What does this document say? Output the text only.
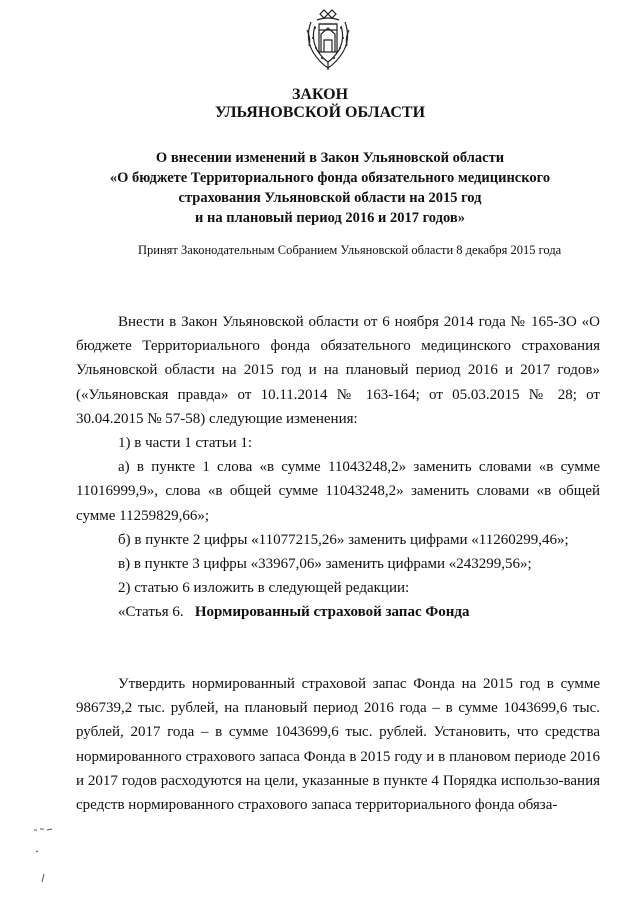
ЗАКОН
УЛЬЯНОВСКОЙ ОБЛАСТИ
О внесении изменений в Закон Ульяновской области
«О бюджете Территориального фонда обязательного медицинского
страхования Ульяновской области на 2015 год
и на плановый период 2016 и 2017 годов»
Принят Законодательным Собранием Ульяновской области 8 декабря 2015 года

Внести в Закон Ульяновской области от 6 ноября 2014 года № 165-ЗО «О бюджете Территориального фонда обязательного медицинского страхования Ульяновской области на 2015 год и на плановый период 2016 и 2017 годов» («Ульяновская правда» от 10.11.2014 № 163-164; от 05.03.2015 № 28; от 30.04.2015 № 57-58) следующие изменения:

1) в части 1 статьи 1:

а) в пункте 1 слова «в сумме 11043248,2» заменить словами «в сумме 11016999,9», слова «в общей сумме 11043248,2» заменить словами «в общей сумме 11259829,66»;

б) в пункте 2 цифры «11077215,26» заменить цифрами «11260299,46»;

в) в пункте 3 цифры «33967,06» заменить цифрами «243299,56»;

2) статью 6 изложить в следующей редакции:

«Статья 6. Нормированный страховой запас Фонда

Утвердить нормированный страховой запас Фонда на 2015 год в сумме 986739,2 тыс. рублей, на плановый период 2016 года – в сумме 1043699,6 тыс. рублей, 2017 года – в сумме 1043699,6 тыс. рублей. Установить, что средства нормированного страхового запаса Фонда в 2015 году и в плановом периоде 2016 и 2017 годов расходуются на цели, указанные в пункте 4 Порядка использо-вания средств нормированного страхового запаса территориального фонда обяза-
